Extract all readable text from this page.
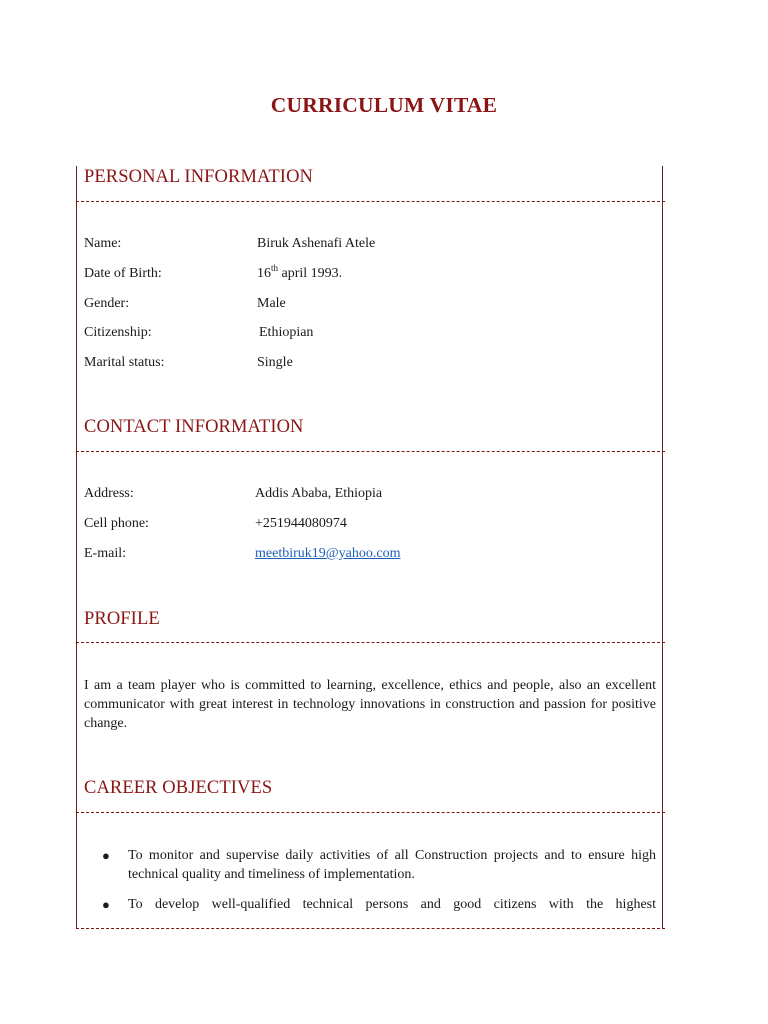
CURRICULUM VITAE
PERSONAL INFORMATION
Name:	Biruk Ashenafi Atele
Date of Birth:	16th april 1993.
Gender:	Male
Citizenship:	Ethiopian
Marital status:	Single
CONTACT INFORMATION
Address:	Addis Ababa, Ethiopia
Cell phone:	+251944080974
E-mail:	meetbiruk19@yahoo.com
PROFILE
I am a team player who is committed to learning, excellence, ethics and people, also an excellent communicator with great interest in technology innovations in construction and passion for positive change.
CAREER OBJECTIVES
● To monitor and supervise daily activities of all Construction projects and to ensure high technical quality and timeliness of implementation.
● To develop well-qualified technical persons and good citizens with the highest
